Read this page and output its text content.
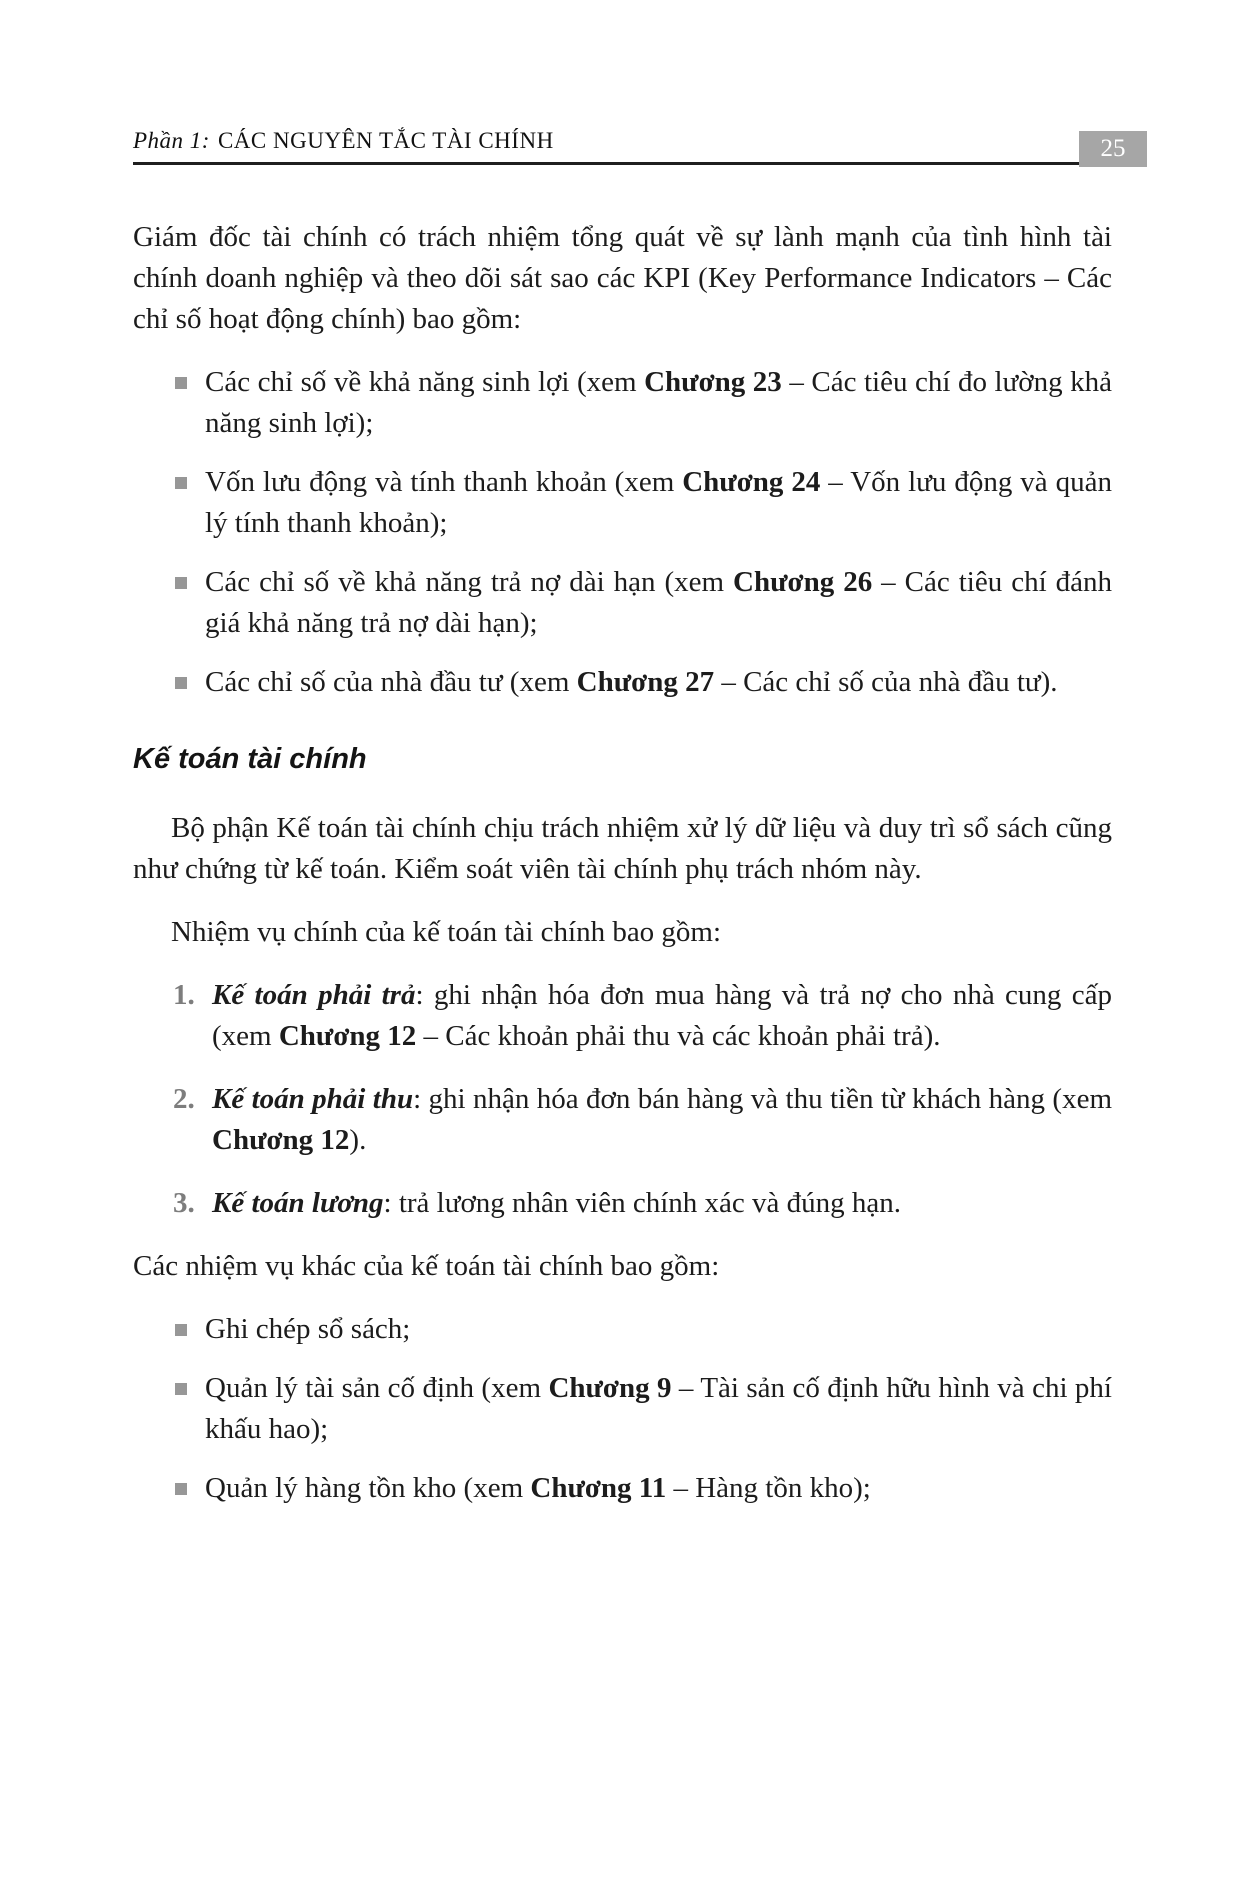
Phần 1: CÁC NGUYÊN TẮC TÀI CHÍNH	25

Giám đốc tài chính có trách nhiệm tổng quát về sự lành mạnh của tình hình tài chính doanh nghiệp và theo dõi sát sao các KPI (Key Performance Indicators – Các chỉ số hoạt động chính) bao gồm:

Các chỉ số về khả năng sinh lợi (xem Chương 23 – Các tiêu chí đo lường khả năng sinh lợi);
Vốn lưu động và tính thanh khoản (xem Chương 24 – Vốn lưu động và quản lý tính thanh khoản);
Các chỉ số về khả năng trả nợ dài hạn (xem Chương 26 – Các tiêu chí đánh giá khả năng trả nợ dài hạn);
Các chỉ số của nhà đầu tư (xem Chương 27 – Các chỉ số của nhà đầu tư).
Kế toán tài chính

Bộ phận Kế toán tài chính chịu trách nhiệm xử lý dữ liệu và duy trì sổ sách cũng như chứng từ kế toán. Kiểm soát viên tài chính phụ trách nhóm này.

Nhiệm vụ chính của kế toán tài chính bao gồm:

1. Kế toán phải trả: ghi nhận hóa đơn mua hàng và trả nợ cho nhà cung cấp (xem Chương 12 – Các khoản phải thu và các khoản phải trả).
2. Kế toán phải thu: ghi nhận hóa đơn bán hàng và thu tiền từ khách hàng (xem Chương 12).
3. Kế toán lương: trả lương nhân viên chính xác và đúng hạn.

Các nhiệm vụ khác của kế toán tài chính bao gồm:

Ghi chép sổ sách;
Quản lý tài sản cố định (xem Chương 9 – Tài sản cố định hữu hình và chi phí khấu hao);
Quản lý hàng tồn kho (xem Chương 11 – Hàng tồn kho);
